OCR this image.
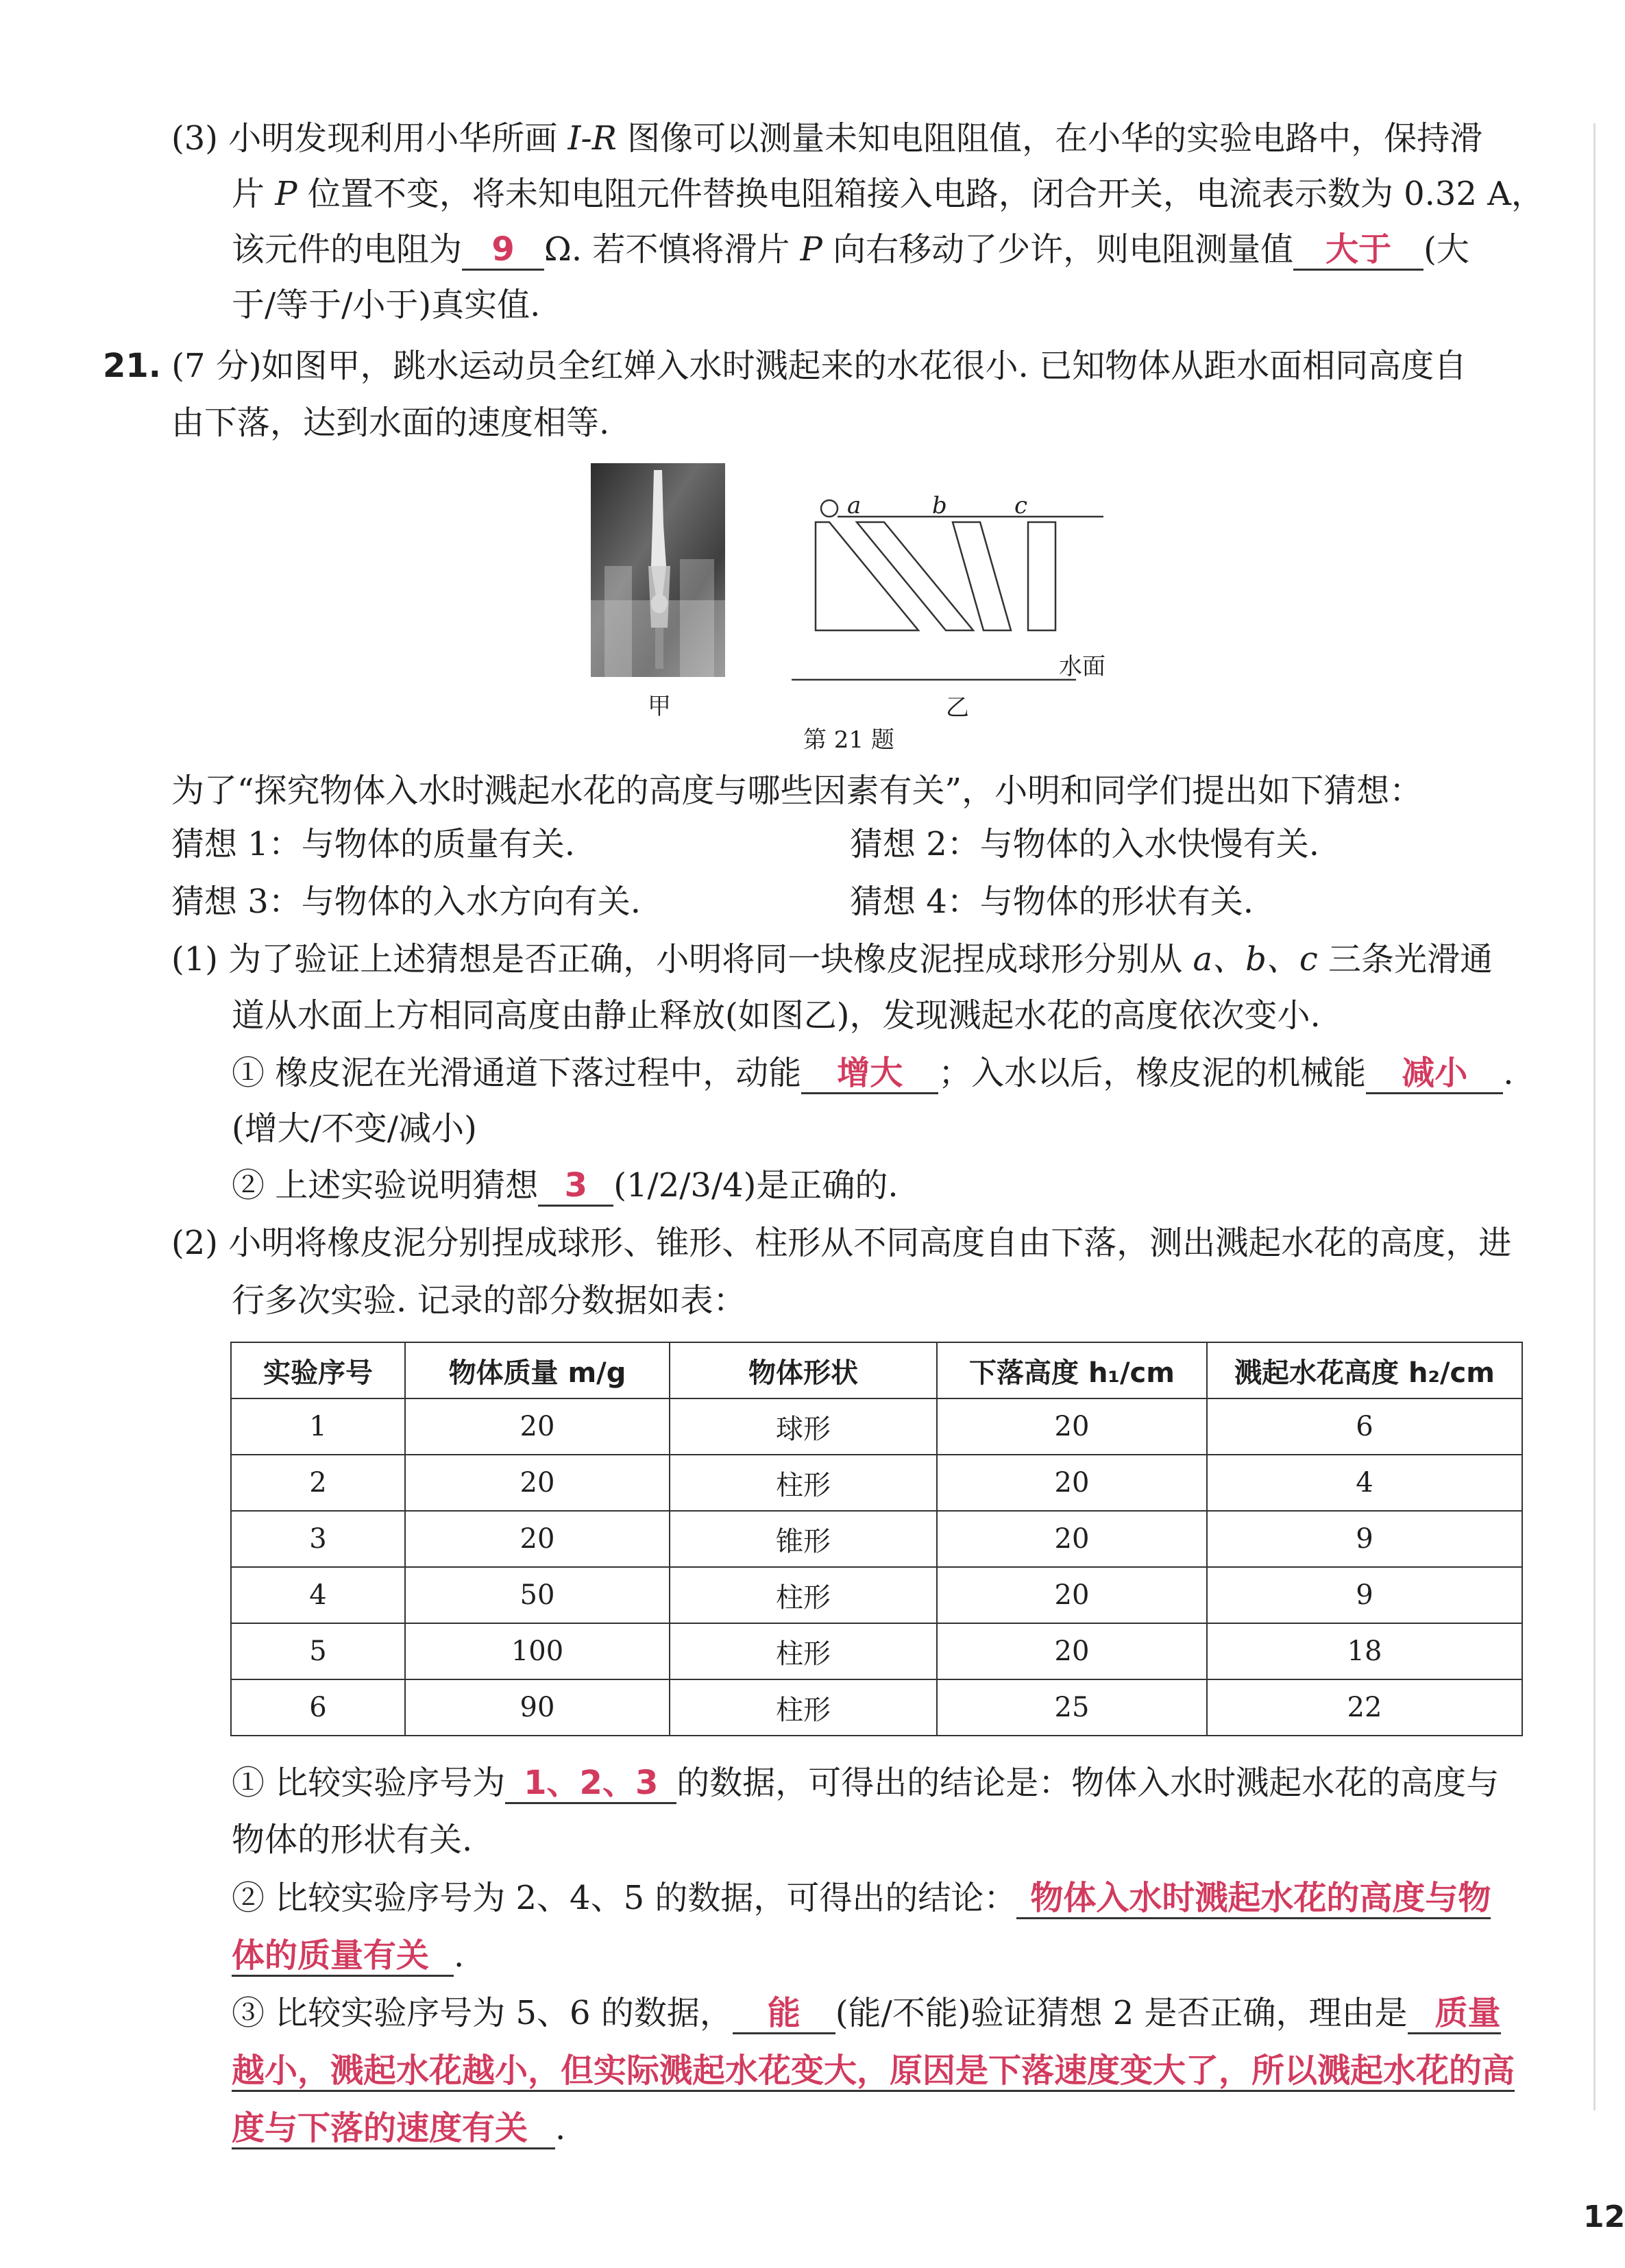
(3) 小明发现利用小华所画 I-R 图像可以测量未知电阻阻值，在小华的实验电路中，保持滑
片 P 位置不变，将未知电阻元件替换电阻箱接入电路，闭合开关，电流表示数为 0.32 A，
该元件的电阻为 9 Ω. 若不慎将滑片 P 向右移动了少许，则电阻测量值 大于 (大
于/等于/小于)真实值.
21. (7 分)如图甲，跳水运动员全红婵入水时溅起来的水花很小. 已知物体从距水面相同高度自
由下落，达到水面的速度相等.
甲
a	b	c
水面
乙
第 21 题
为了“探究物体入水时溅起水花的高度与哪些因素有关”，小明和同学们提出如下猜想：
猜想 1：与物体的质量有关.	猜想 2：与物体的入水快慢有关.
猜想 3：与物体的入水方向有关.	猜想 4：与物体的形状有关.
(1) 为了验证上述猜想是否正确，小明将同一块橡皮泥捏成球形分别从 a、b、c 三条光滑通
道从水面上方相同高度由静止释放(如图乙)，发现溅起水花的高度依次变小.
① 橡皮泥在光滑通道下落过程中，动能 增大 ；入水以后，橡皮泥的机械能 减小 .
(增大/不变/减小)
② 上述实验说明猜想 3 (1/2/3/4)是正确的.
(2) 小明将橡皮泥分别捏成球形、锥形、柱形从不同高度自由下落，测出溅起水花的高度，进
行多次实验. 记录的部分数据如表：
实验序号	物体质量 m/g	物体形状	下落高度 h₁/cm	溅起水花高度 h₂/cm
1	20	球形	20	6
2	20	柱形	20	4
3	20	锥形	20	9
4	50	柱形	20	9
5	100	柱形	20	18
6	90	柱形	25	22
① 比较实验序号为 1、2、3 的数据，可得出的结论是：物体入水时溅起水花的高度与
物体的形状有关.
② 比较实验序号为 2、4、5 的数据，可得出的结论： 物体入水时溅起水花的高度与物
体的质量有关 .
③ 比较实验序号为 5、6 的数据， 能 (能/不能)验证猜想 2 是否正确，理由是 质量
越小，溅起水花越小，但实际溅起水花变大，原因是下落速度变大了，所以溅起水花的高
度与下落的速度有关 .
12
